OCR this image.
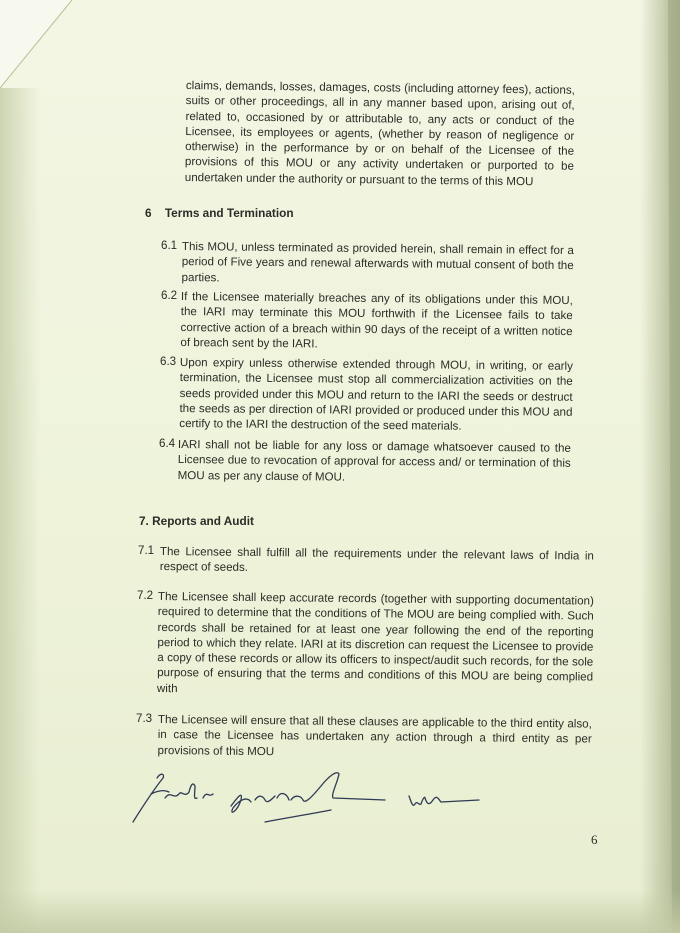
claims, demands, losses, damages, costs (including attorney fees), actions, suits or other proceedings, all in any manner based upon, arising out of, related to, occasioned by or attributable to, any acts or conduct of the Licensee, its employees or agents, (whether by reason of negligence or otherwise) in the performance by or on behalf of the Licensee of the provisions of this MOU or any activity undertaken or purported to be undertaken under the authority or pursuant to the terms of this MOU

6 Terms and Termination
6.1 This MOU, unless terminated as provided herein, shall remain in effect for a period of Five years and renewal afterwards with mutual consent of both the parties.

6.2 If the Licensee materially breaches any of its obligations under this MOU, the IARI may terminate this MOU forthwith if the Licensee fails to take corrective action of a breach within 90 days of the receipt of a written notice of breach sent by the IARI.

6.3 Upon expiry unless otherwise extended through MOU, in writing, or early termination, the Licensee must stop all commercialization activities on the seeds provided under this MOU and return to the IARI the seeds or destruct the seeds as per direction of IARI provided or produced under this MOU and certify to the IARI the destruction of the seed materials.

6.4 IARI shall not be liable for any loss or damage whatsoever caused to the Licensee due to revocation of approval for access and/ or termination of this MOU as per any clause of MOU.

7. Reports and Audit
7.1 The Licensee shall fulfill all the requirements under the relevant laws of India in respect of seeds.

7.2 The Licensee shall keep accurate records (together with supporting documentation) required to determine that the conditions of The MOU are being complied with. Such records shall be retained for at least one year following the end of the reporting period to which they relate. IARI at its discretion can request the Licensee to provide a copy of these records or allow its officers to inspect/audit such records, for the sole purpose of ensuring that the terms and conditions of this MOU are being complied with

7.3 The Licensee will ensure that all these clauses are applicable to the third entity also, in case the Licensee has undertaken any action through a third entity as per provisions of this MOU

6
